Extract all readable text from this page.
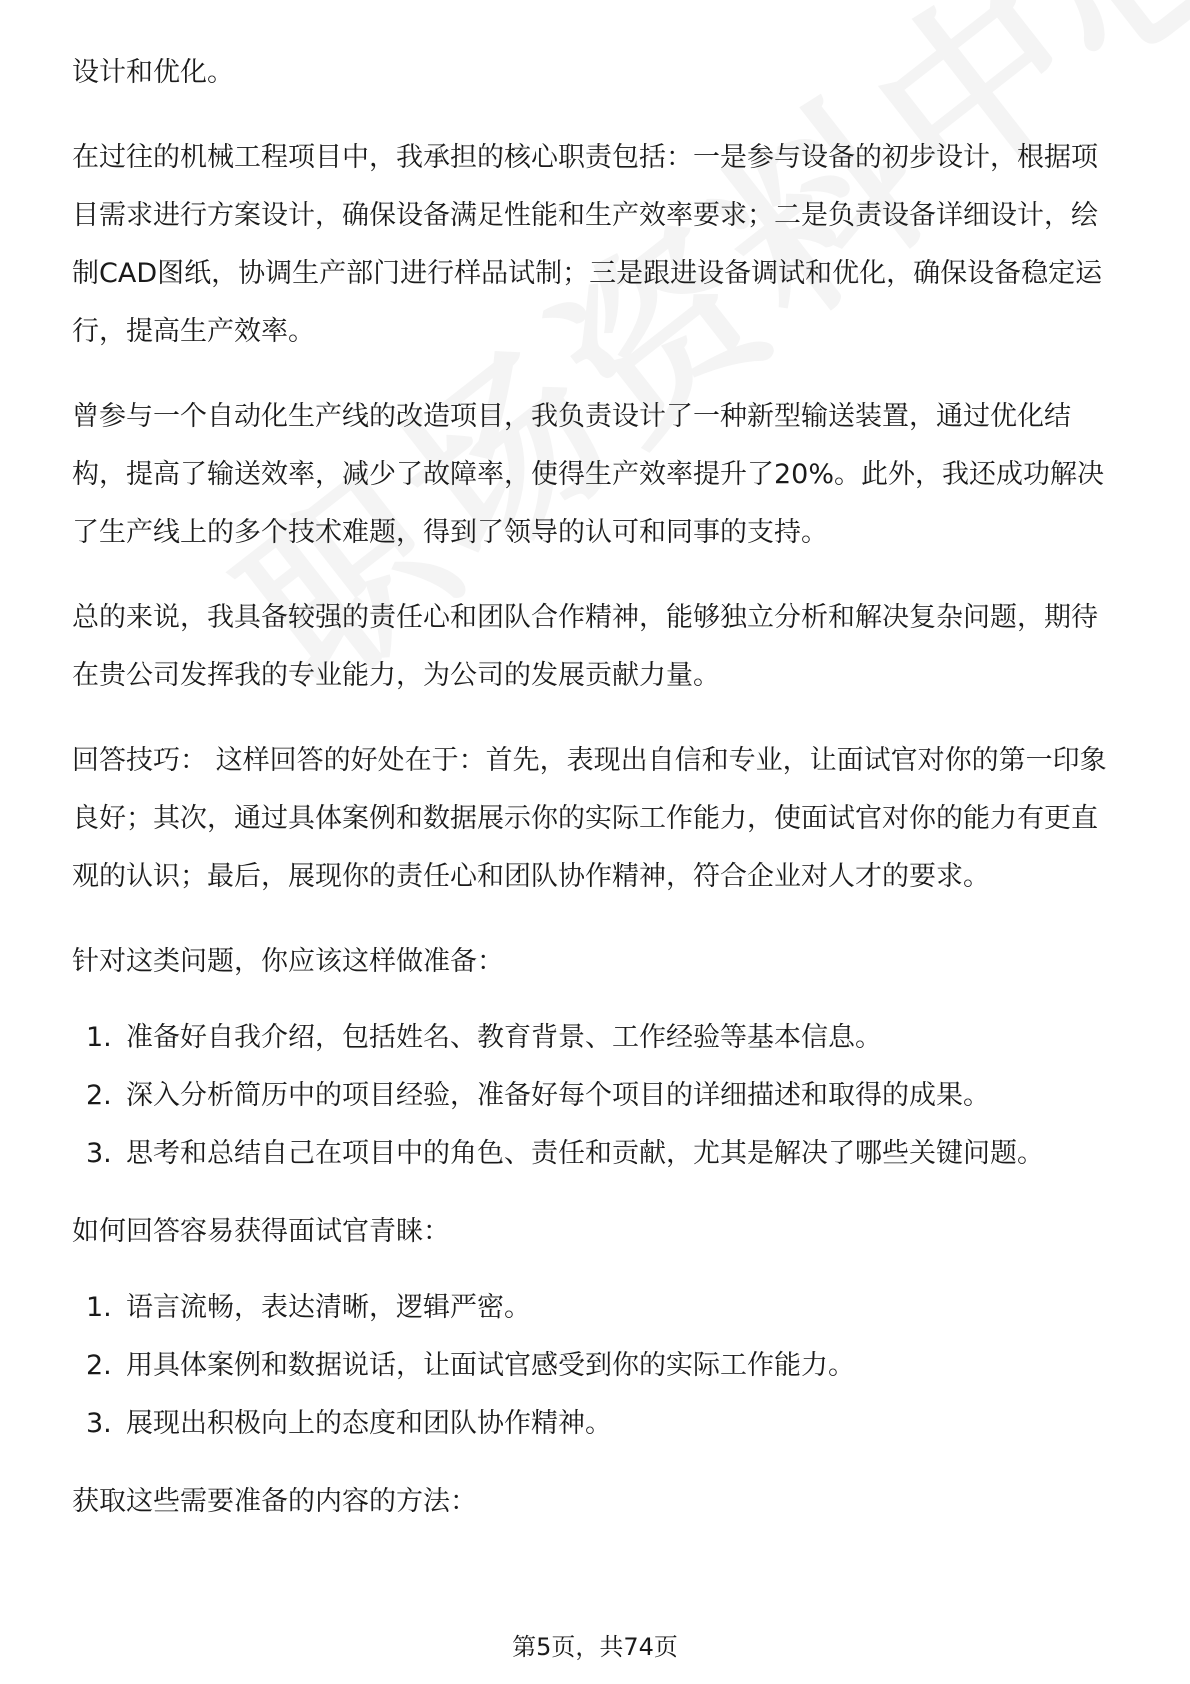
设计和优化。

在过往的机械工程项目中，我承担的核心职责包括：一是参与设备的初步设计，根据项目需求进行方案设计，确保设备满足性能和生产效率要求；二是负责设备详细设计，绘制CAD图纸，协调生产部门进行样品试制；三是跟进设备调试和优化，确保设备稳定运行，提高生产效率。

曾参与一个自动化生产线的改造项目，我负责设计了一种新型输送装置，通过优化结构，提高了输送效率，减少了故障率，使得生产效率提升了20%。此外，我还成功解决了生产线上的多个技术难题，得到了领导的认可和同事的支持。

总的来说，我具备较强的责任心和团队合作精神，能够独立分析和解决复杂问题，期待在贵公司发挥我的专业能力，为公司的发展贡献力量。

回答技巧： 这样回答的好处在于：首先，表现出自信和专业，让面试官对你的第一印象良好；其次，通过具体案例和数据展示你的实际工作能力，使面试官对你的能力有更直观的认识；最后，展现你的责任心和团队协作精神，符合企业对人才的要求。

针对这类问题，你应该这样做准备：

1. 准备好自我介绍，包括姓名、教育背景、工作经验等基本信息。
2. 深入分析简历中的项目经验，准备好每个项目的详细描述和取得的成果。
3. 思考和总结自己在项目中的角色、责任和贡献，尤其是解决了哪些关键问题。

如何回答容易获得面试官青睐：

1. 语言流畅，表达清晰，逻辑严密。
2. 用具体案例和数据说话，让面试官感受到你的实际工作能力。
3. 展现出积极向上的态度和团队协作精神。

获取这些需要准备的内容的方法：

第5页，共74页
